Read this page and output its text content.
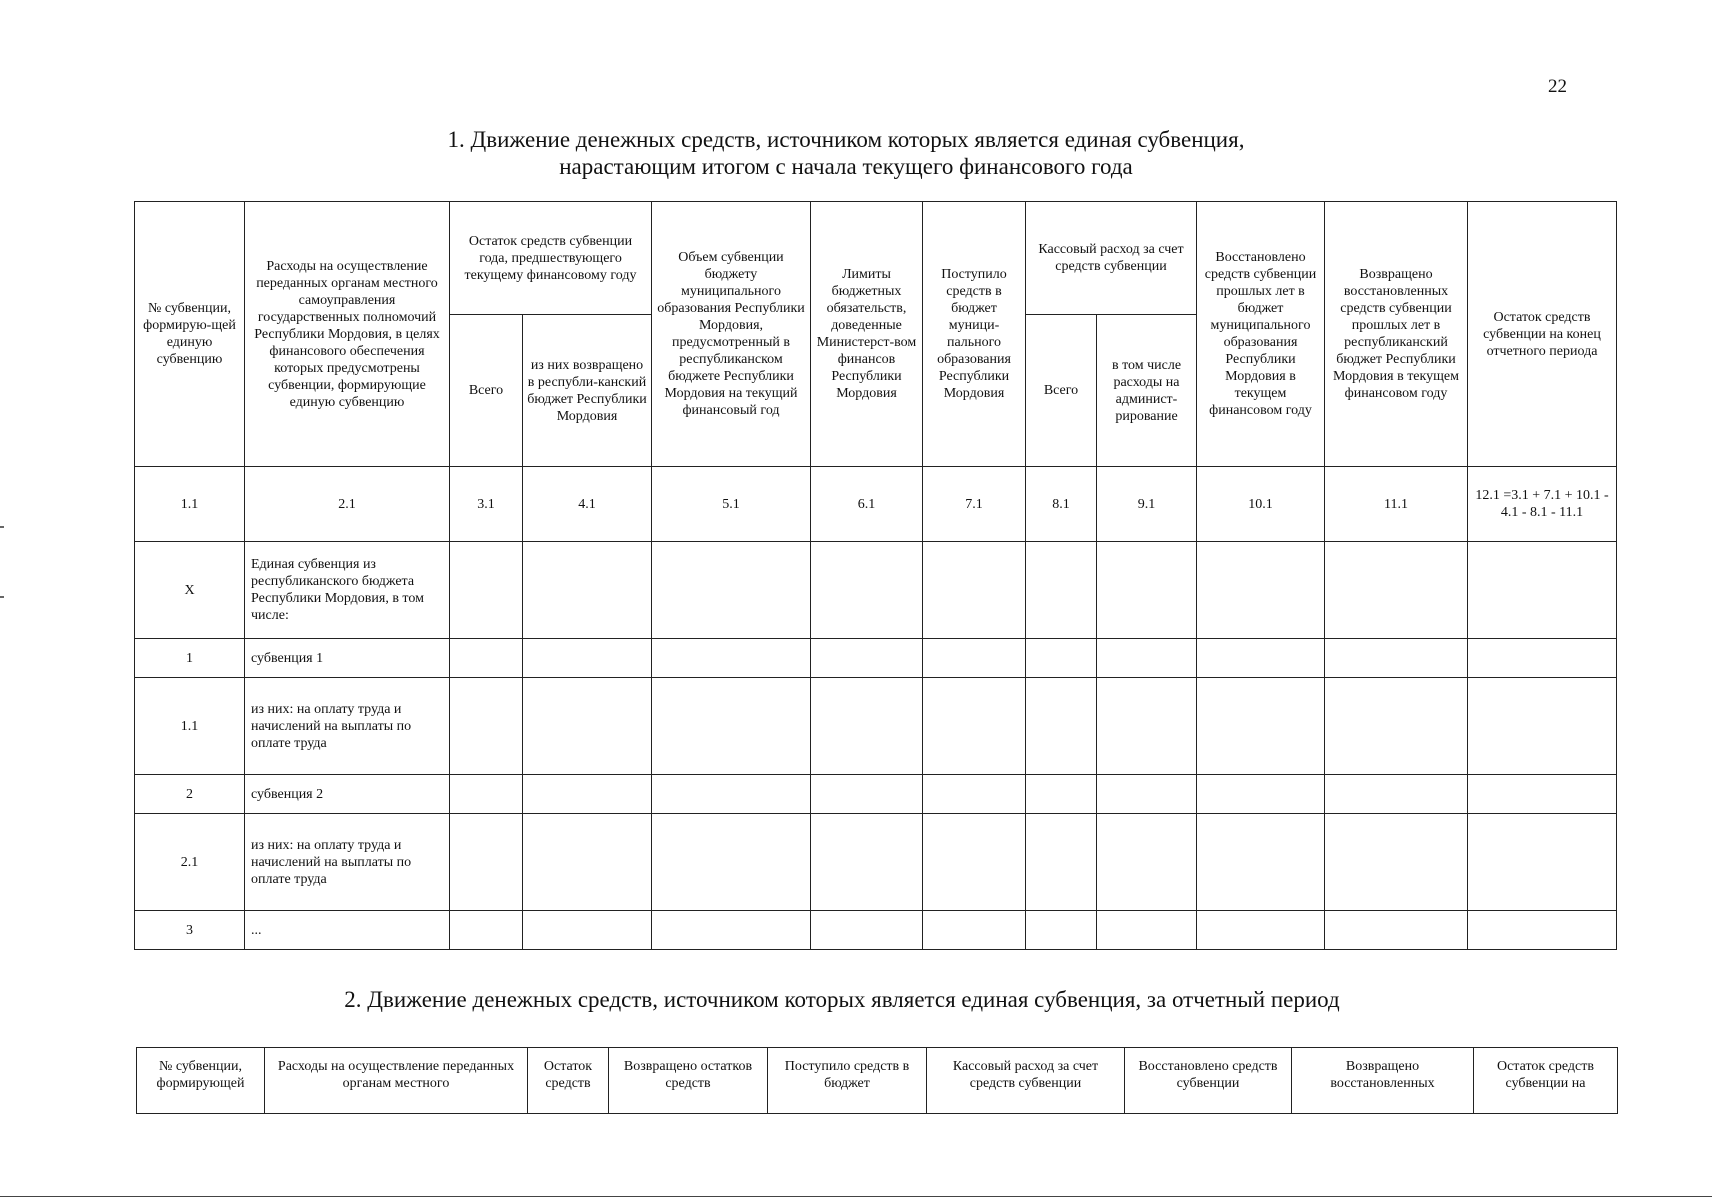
22
1. Движение денежных средств, источником которых является единая субвенция,
нарастающим итогом с начала текущего финансового года
№ субвенции, формирую-щей единую субвенцию	Расходы на осуществление переданных органам местного самоуправления государственных полномочий Республики Мордовия, в целях финансового обеспечения которых предусмотрены субвенции, формирующие единую субвенцию	Остаток средств субвенции года, предшествующего текущему финансовому году		Объем субвенции бюджету муниципального образования Республики Мордовия, предусмотренный в республиканском бюджете Республики Мордовия на текущий финансовый год	Лимиты бюджетных обязательств, доведенные Министерст-вом финансов Республики Мордовия	Поступило средств в бюджет муници-пального образования Республики Мордовия	Кассовый расход за счет средств субвенции		Восстановлено средств субвенции прошлых лет в бюджет муниципального образования Республики Мордовия в текущем финансовом году	Возвращено восстановленных средств субвенции прошлых лет в республиканский бюджет Республики Мордовия в текущем финансовом году	Остаток средств субвенции на конец отчетного периода
		Всего	из них возвращено в республи-канский бюджет Республики Мордовия				Всего	в том числе расходы на админист-рирование			
1.1	2.1	3.1	4.1	5.1	6.1	7.1	8.1	9.1	10.1	11.1	12.1 =3.1 + 7.1 + 10.1 - 4.1 - 8.1 - 11.1
X	Единая субвенция из республиканского бюджета Республики Мордовия, в том числе:										
1	субвенция 1										
1.1	из них: на оплату труда и начислений на выплаты по оплате труда										
2	субвенция 2										
2.1	из них: на оплату труда и начислений на выплаты по оплате труда										
3	...										
2. Движение денежных средств, источником которых является единая субвенция, за отчетный период
№ субвенции, формирующей	Расходы на осуществление переданных органам местного	Остаток средств	Возвращено остатков средств	Поступило средств в бюджет	Кассовый расход за счет средств субвенции	Восстановлено средств субвенции	Возвращено восстановленных	Остаток средств субвенции на
